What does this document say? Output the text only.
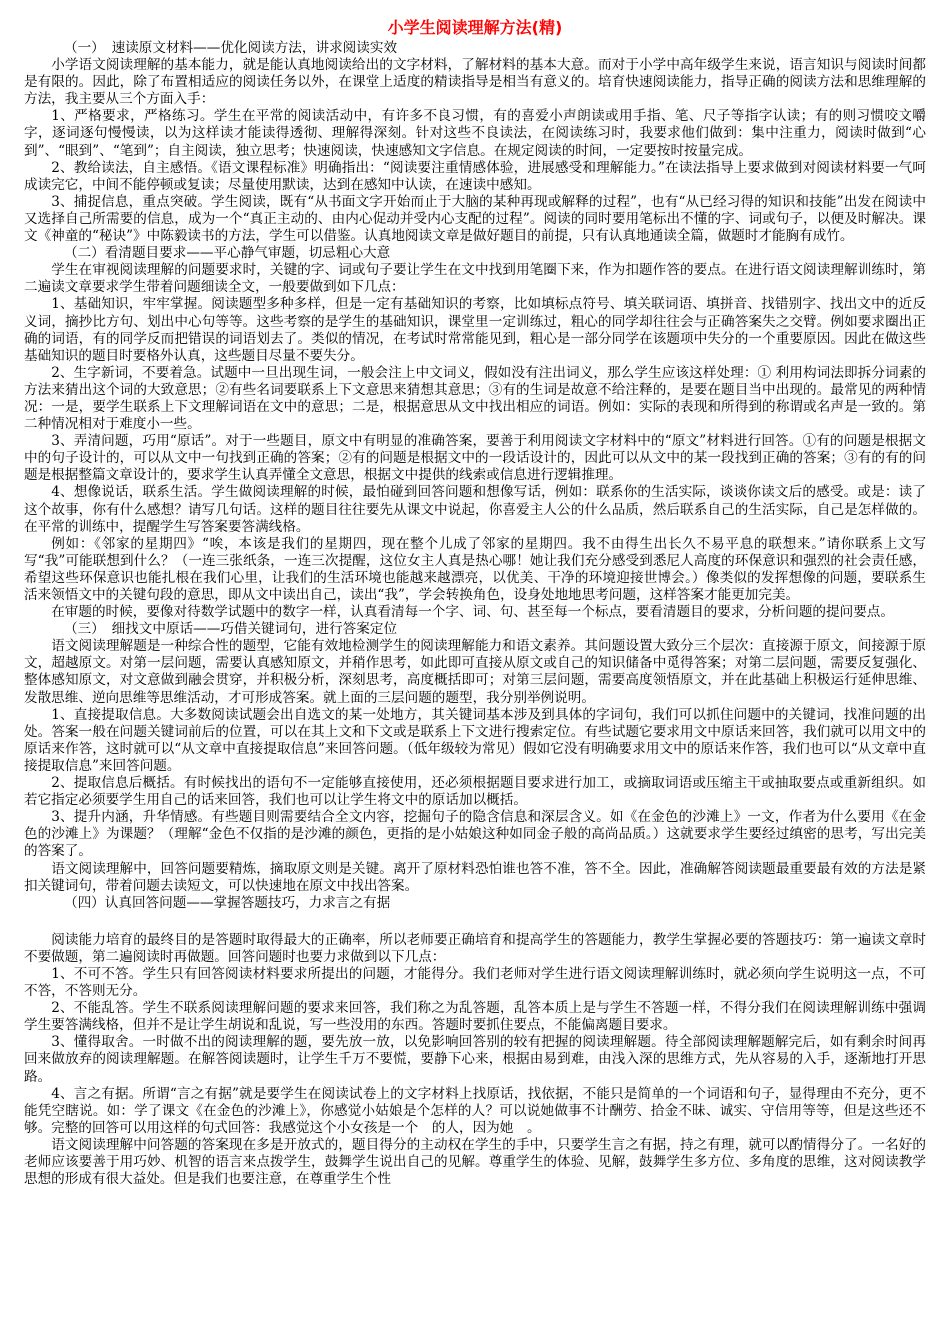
小学生阅读理解方法(精)

（一）　速读原文材料——优化阅读方法，讲求阅读实效

小学语文阅读理解的基本能力，就是能认真地阅读给出的文字材料，了解材料的基本大意。而对于小学中高年级学生来说，语言知识与阅读时间都是有限的。因此，除了布置相适应的阅读任务以外，在课堂上适度的精读指导是相当有意义的。培育快速阅读能力，指导正确的阅读方法和思维理解的方法，我主要从三个方面入手：

1、严格要求，严格练习。学生在平常的阅读活动中，有许多不良习惯，有的喜爱小声朗读或用手指、笔、尺子等指字认读；有的则习惯咬文嚼字，逐词逐句慢慢读，以为这样读才能读得透彻、理解得深刻。针对这些不良读法，在阅读练习时，我要求他们做到：集中注重力，阅读时做到“心到”、“眼到”、“笔到”；自主阅读，独立思考；快速阅读，快速感知文字信息。在规定阅读的时间，一定要按时按量完成。

2、教给读法，自主感悟。《语文课程标准》明确指出：“阅读要注重情感体验，进展感受和理解能力。”在读法指导上要求做到对阅读材料要一气呵成读完它，中间不能停顿或复读；尽量使用默读，达到在感知中认读，在速读中感知。

3、捕捉信息，重点突破。学生阅读，既有“从书面文字开始而止于大脑的某种再现或解释的过程”，也有“从已经习得的知识和技能”出发在阅读中又选择自己所需要的信息，成为一个“真正主动的、由内心促动并受内心支配的过程”。阅读的同时要用笔标出不懂的字、词或句子，以便及时解决。课文《神童的“秘诀”》中陈毅读书的方法，学生可以借鉴。认真地阅读文章是做好题目的前提，只有认真地通读全篇，做题时才能胸有成竹。

（二）看清题目要求——平心静气审题，切忌粗心大意

学生在审视阅读理解的问题要求时，关键的字、词或句子要让学生在文中找到用笔圈下来，作为扣题作答的要点。在进行语文阅读理解训练时，第二遍读文章要求学生带着问题细读全文，一般要做到如下几点：

1、基础知识，牢牢掌握。阅读题型多种多样，但是一定有基础知识的考察，比如填标点符号、填关联词语、填拼音、找错别字、找出文中的近反义词，摘抄比方句、划出中心句等等。这些考察的是学生的基础知识，课堂里一定训练过，粗心的同学却往往会与正确答案失之交臂。例如要求圈出正确的词语，有的同学反而把错误的词语划去了。类似的情况，在考试时常常能见到，粗心是一部分同学在该题项中失分的一个重要原因。因此在做这些基础知识的题目时要格外认真，这些题目尽量不要失分。

2、生字新词，不要着急。试题中一旦出现生词，一般会注上中文词义，假如没有注出词义，那么学生应该这样处理：① 利用构词法即拆分词素的方法来猜出这个词的大致意思；②有些名词要联系上下文意思来猜想其意思；③有的生词是故意不给注释的，是要在题目当中出现的。最常见的两种情况：一是，要学生联系上下文理解词语在文中的意思；二是，根据意思从文中找出相应的词语。例如：实际的表现和所得到的称谓或名声是一致的。第二种情况相对于难度小一些。

3、弄清问题，巧用“原话”。对于一些题目，原文中有明显的准确答案，要善于利用阅读文字材料中的“原文”材料进行回答。①有的问题是根据文中的句子设计的，可以从文中一句找到正确的答案；②有的问题是根据文中的一段话设计的，因此可以从文中的某一段找到正确的答案；③有的有的问题是根据整篇文章设计的，要求学生认真弄懂全文意思，根据文中提供的线索或信息进行逻辑推理。

4、想像说话，联系生活。学生做阅读理解的时候，最怕碰到回答问题和想像写话，例如：联系你的生活实际，谈谈你读文后的感受。或是：读了这个故事，你有什么感想？请写几句话。这样的题目往往要先从课文中说起，你喜爱主人公的什么品质，然后联系自己的生活实际，自己是怎样做的。在平常的训练中，提醒学生写答案要答满线格。

例如：《邻家的星期四》“唉，本该是我们的星期四，现在整个儿成了邻家的星期四。我不由得生出长久不易平息的联想来。”请你联系上文写写“我”可能联想到什么？（一连三张纸条，一连三次提醒，这位女主人真是热心哪！她让我们充分感受到悉尼人高度的环保意识和强烈的社会责任感，希望这些环保意识也能扎根在我们心里，让我们的生活环境也能越来越漂亮，以优美、干净的环境迎接世博会。）像类似的发挥想像的问题，要联系生活来领悟文中的关键句段的意思，即从文中读出自己，读出“我”，学会转换角色，设身处地地思考问题，这样答案才能更加完美。

在审题的时候，要像对待数学试题中的数字一样，认真看清每一个字、词、句、甚至每一个标点，要看清题目的要求，分析问题的提问要点。

（三）　细找文中原话——巧借关键词句，进行答案定位

语文阅读理解题是一种综合性的题型，它能有效地检测学生的阅读理解能力和语文素养。其问题设置大致分三个层次：直接源于原文，间接源于原文，超越原文。对第一层问题，需要认真感知原文，并稍作思考，如此即可直接从原文或自己的知识储备中觅得答案；对第二层问题，需要反复强化、整体感知原文，对文意做到融会贯穿，并积极分析，深刻思考，高度概括即可；对第三层问题，需要高度领悟原文，并在此基础上积极运行延伸思维、发散思维、逆向思维等思维活动，才可形成答案。就上面的三层问题的题型，我分别举例说明。

1、直接提取信息。大多数阅读试题会出自选文的某一处地方，其关键词基本涉及到具体的字词句，我们可以抓住问题中的关键词，找准问题的出处。答案一般在问题关键词前后的位置，可以在其上文和下文或是联系上下文进行搜索定位。有些试题它要求用文中原话来回答，我们就可以用文中的原话来作答，这时就可以“从文章中直接提取信息”来回答问题。（低年级较为常见）假如它没有明确要求用文中的原话来作答，我们也可以“从文章中直接提取信息”来回答问题。

2、提取信息后概括。有时候找出的语句不一定能够直接使用，还必须根据题目要求进行加工，或摘取词语或压缩主干或抽取要点或重新组织。如若它指定必须要学生用自己的话来回答，我们也可以让学生将文中的原话加以概括。

3、提升内涵，升华情感。有些题目则需要结合全文内容，挖掘句子的隐含信息和深层含义。如《在金色的沙滩上》一文，作者为什么要用《在金色的沙滩上》为课题？（理解“金色不仅指的是沙滩的颜色，更指的是小姑娘这种如同金子般的高尚品质。）这就要求学生要经过缜密的思考，写出完美的答案了。

语文阅读理解中，回答问题要精炼，摘取原文则是关键。离开了原材料恐怕谁也答不准，答不全。因此，准确解答阅读题最重要最有效的方法是紧扣关键词句，带着问题去读短文，可以快速地在原文中找出答案。

（四）认真回答问题——掌握答题技巧，力求言之有据

阅读能力培育的最终目的是答题时取得最大的正确率，所以老师要正确培育和提高学生的答题能力，教学生掌握必要的答题技巧：第一遍读文章时不要做题，第二遍阅读时再做题。回答问题时也要力求做到以下几点：

1、不可不答。学生只有回答阅读材料要求所提出的问题，才能得分。我们老师对学生进行语文阅读理解训练时，就必须向学生说明这一点，不可不答，不答则无分。

2、不能乱答。学生不联系阅读理解问题的要求来回答，我们称之为乱答题，乱答本质上是与学生不答题一样，不得分我们在阅读理解训练中强调学生要答满线格，但并不是让学生胡说和乱说，写一些没用的东西。答题时要抓住要点，不能偏离题目要求。

3、懂得取舍。一时做不出的阅读理解的题，要先放一放，以免影响回答别的较有把握的阅读理解题。待全部阅读理解题解完后，如有剩余时间再回来做放弃的阅读理解题。在解答阅读题时，让学生千万不要慌，要静下心来，根据由易到难，由浅入深的思维方式，先从容易的入手，逐渐地打开思路。

4、言之有据。所谓“言之有据”就是要学生在阅读试卷上的文字材料上找原话，找依据，不能只是简单的一个词语和句子，显得理由不充分，更不能凭空瞎说。如：学了课文《在金色的沙滩上》，你感觉小姑娘是个怎样的人？可以说她做事不计酬劳、拾金不昧、诚实、守信用等等，但是这些还不够。完整的回答可以用这样的句式回答：我感觉这个小女孩是一个　的人，因为她　。

语文阅读理解中问答题的答案现在多是开放式的，题目得分的主动权在学生的手中，只要学生言之有据，持之有理，就可以酌情得分了。一名好的老师应该要善于用巧妙、机智的语言来点拨学生，鼓舞学生说出自己的见解。尊重学生的体验、见解，鼓舞学生多方位、多角度的思维，这对阅读教学思想的形成有很大益处。但是我们也要注意，在尊重学生个性
